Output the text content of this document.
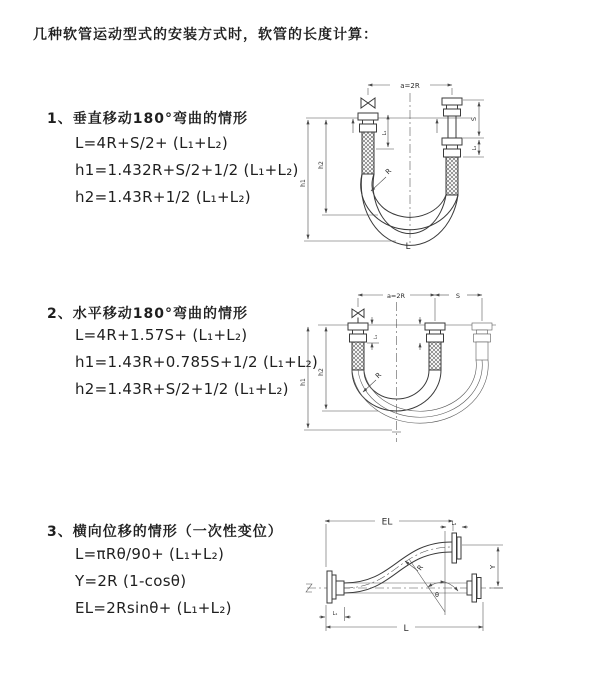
几种软管运动型式的安装方式时，软管的长度计算：
1、垂直移动180°弯曲的情形
L=4R+S/2+ (L₁+L₂)
h1=1.432R+S/2+1/2 (L₁+L₂)
h2=1.43R+1/2 (L₁+L₂)
2、水平移动180°弯曲的情形
L=4R+1.57S+ (L₁+L₂)
h1=1.43R+0.785S+1/2 (L₁+L₂)
h2=1.43R+S/2+1/2 (L₁+L₂)
3、横向位移的情形（一次性变位）
L=πRθ/90+ (L₁+L₂)
Y=2R (1-cosθ)
EL=2Rsinθ+ (L₁+L₂)
a=2R
L₁
S
L₂
h2
h1
R
L
a=2R	S
L₁
h2
h1
R
EL	L₂
Y
θ
R
L₁
L
